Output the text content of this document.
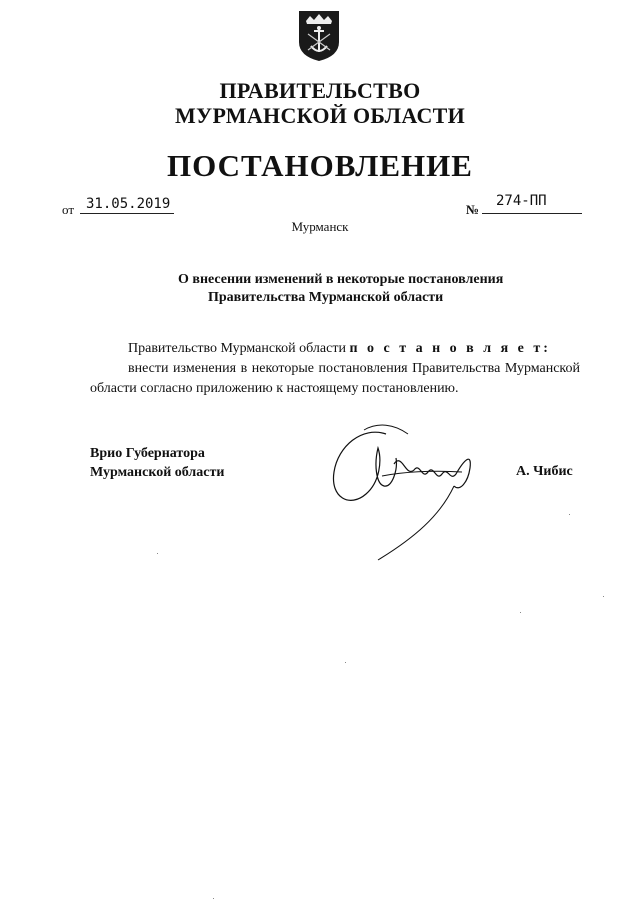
ПРАВИТЕЛЬСТВО
МУРМАНСКОЙ ОБЛАСТИ
ПОСТАНОВЛЕНИЕ
от 31.05.2019	№
274-ПП
Мурманск
О внесении изменений в некоторые постановления
Правительства Мурманской области
Правительство Мурманской области п о с т а н о в л я е т:
внести изменения в некоторые постановления Правительства Мурманской области согласно приложению к настоящему постановлению.
Врио Губернатора
Мурманской области	А. Чибис
